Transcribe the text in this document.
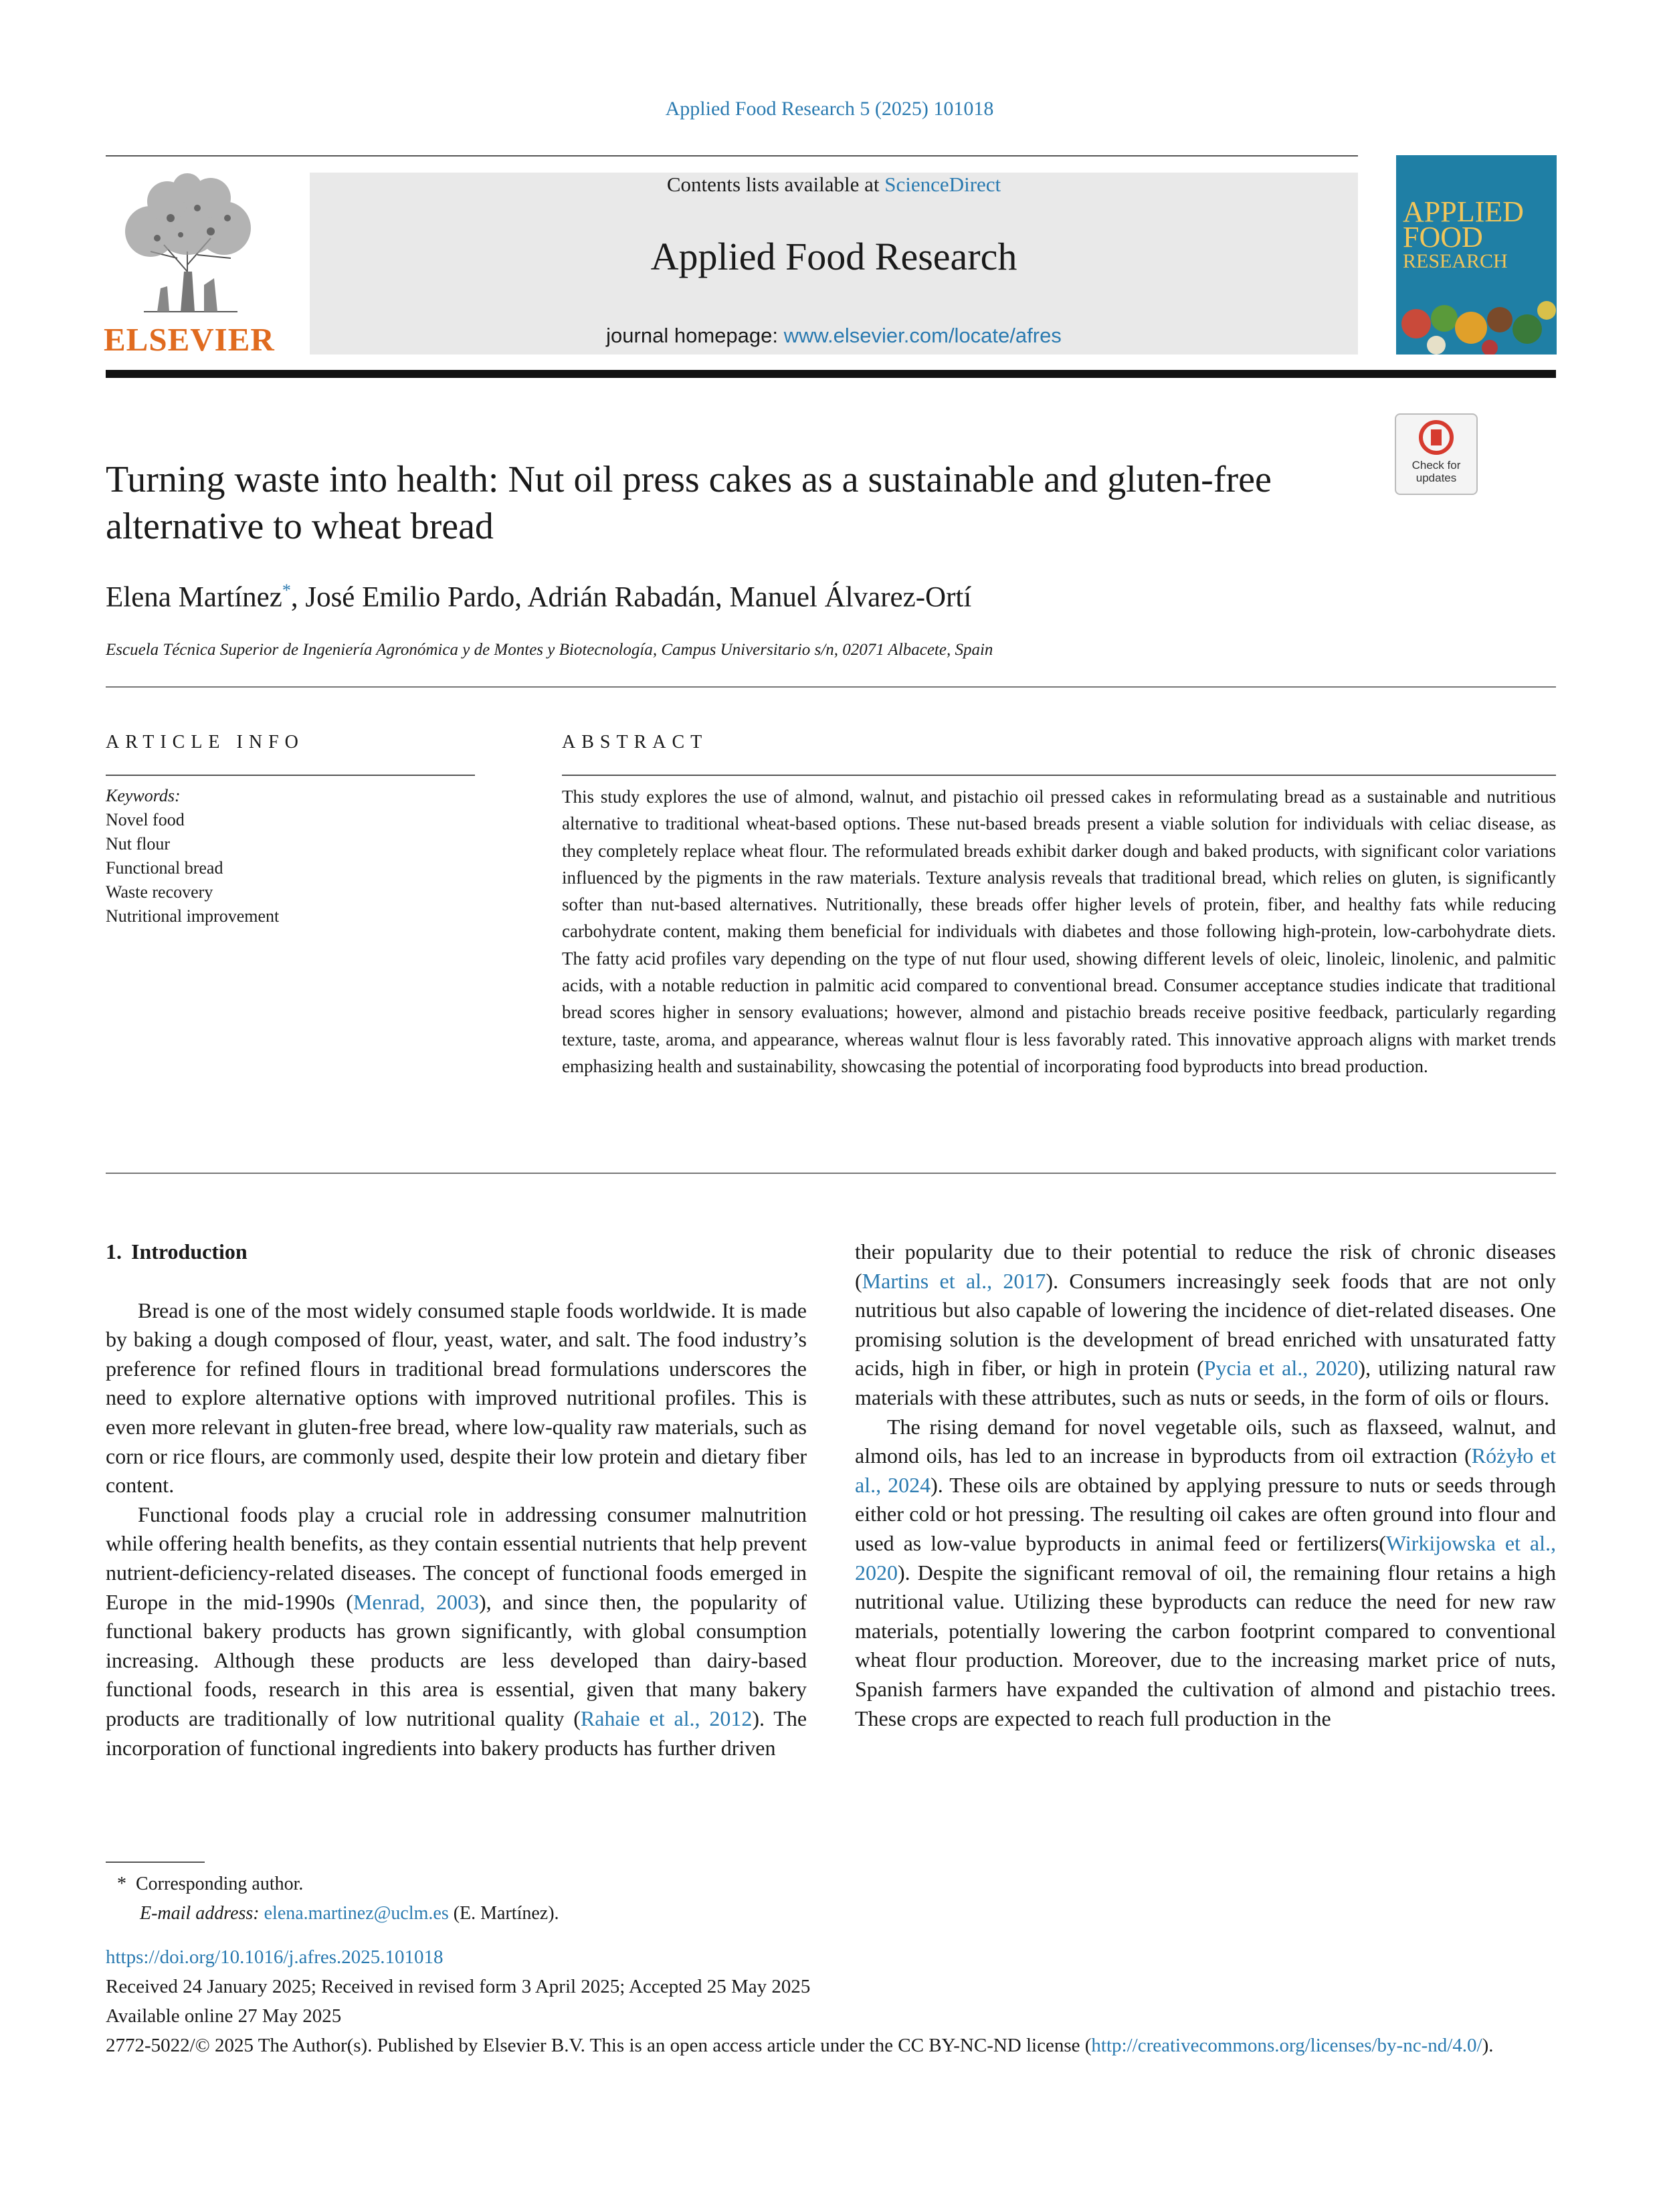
Applied Food Research 5 (2025) 101018
ELSEVIER
Contents lists available at ScienceDirect
Applied Food Research
journal homepage: www.elsevier.com/locate/afres
APPLIED
FOOD
RESEARCH
Turning waste into health: Nut oil press cakes as a sustainable and gluten-free alternative to wheat bread
Check for
updates
Elena Martínez*, José Emilio Pardo, Adrián Rabadán, Manuel Álvarez-Ortí
Escuela Técnica Superior de Ingeniería Agronómica y de Montes y Biotecnología, Campus Universitario s/n, 02071 Albacete, Spain
ARTICLE INFO	ABSTRACT
Keywords:
Novel food
Nut flour
Functional bread
Waste recovery
Nutritional improvement
This study explores the use of almond, walnut, and pistachio oil pressed cakes in reformulating bread as a sustainable and nutritious alternative to traditional wheat-based options. These nut-based breads present a viable solution for individuals with celiac disease, as they completely replace wheat flour. The reformulated breads exhibit darker dough and baked products, with significant color variations influenced by the pigments in the raw materials. Texture analysis reveals that traditional bread, which relies on gluten, is significantly softer than nut-based alternatives. Nutritionally, these breads offer higher levels of protein, fiber, and healthy fats while reducing carbohydrate content, making them beneficial for individuals with diabetes and those following high-protein, low-carbohydrate diets. The fatty acid profiles vary depending on the type of nut flour used, showing different levels of oleic, linoleic, linolenic, and palmitic acids, with a notable reduction in palmitic acid compared to conventional bread. Consumer acceptance studies indicate that traditional bread scores higher in sensory evaluations; however, almond and pistachio breads receive positive feedback, particularly regarding texture, taste, aroma, and appearance, whereas walnut flour is less favorably rated. This innovative approach aligns with market trends emphasizing health and sustainability, showcasing the potential of incorporating food byproducts into bread production.
1. Introduction

Bread is one of the most widely consumed staple foods worldwide. It is made by baking a dough composed of flour, yeast, water, and salt. The food industry’s preference for refined flours in traditional bread formulations underscores the need to explore alternative options with improved nutritional profiles. This is even more relevant in gluten-free bread, where low-quality raw materials, such as corn or rice flours, are commonly used, despite their low protein and dietary fiber content.

Functional foods play a crucial role in addressing consumer malnutrition while offering health benefits, as they contain essential nutrients that help prevent nutrient-deficiency-related diseases. The concept of functional foods emerged in Europe in the mid-1990s (Menrad, 2003), and since then, the popularity of functional bakery products has grown significantly, with global consumption increasing. Although these products are less developed than dairy-based functional foods, research in this area is essential, given that many bakery products are traditionally of low nutritional quality (Rahaie et al., 2012). The incorporation of functional ingredients into bakery products has further driven

their popularity due to their potential to reduce the risk of chronic diseases (Martins et al., 2017). Consumers increasingly seek foods that are not only nutritious but also capable of lowering the incidence of diet-related diseases. One promising solution is the development of bread enriched with unsaturated fatty acids, high in fiber, or high in protein (Pycia et al., 2020), utilizing natural raw materials with these attributes, such as nuts or seeds, in the form of oils or flours.

The rising demand for novel vegetable oils, such as flaxseed, walnut, and almond oils, has led to an increase in byproducts from oil extraction (Różyło et al., 2024). These oils are obtained by applying pressure to nuts or seeds through either cold or hot pressing. The resulting oil cakes are often ground into flour and used as low-value byproducts in animal feed or fertilizers(Wirkijowska et al., 2020). Despite the significant removal of oil, the remaining flour retains a high nutritional value. Utilizing these byproducts can reduce the need for new raw materials, potentially lowering the carbon footprint compared to conventional wheat flour production. Moreover, due to the increasing market price of nuts, Spanish farmers have expanded the cultivation of almond and pistachio trees. These crops are expected to reach full production in the

* Corresponding author.
E-mail address: elena.martinez@uclm.es (E. Martínez).
https://doi.org/10.1016/j.afres.2025.101018
Received 24 January 2025; Received in revised form 3 April 2025; Accepted 25 May 2025
Available online 27 May 2025
2772-5022/© 2025 The Author(s). Published by Elsevier B.V. This is an open access article under the CC BY-NC-ND license (http://creativecommons.org/licenses/by-nc-nd/4.0/).
